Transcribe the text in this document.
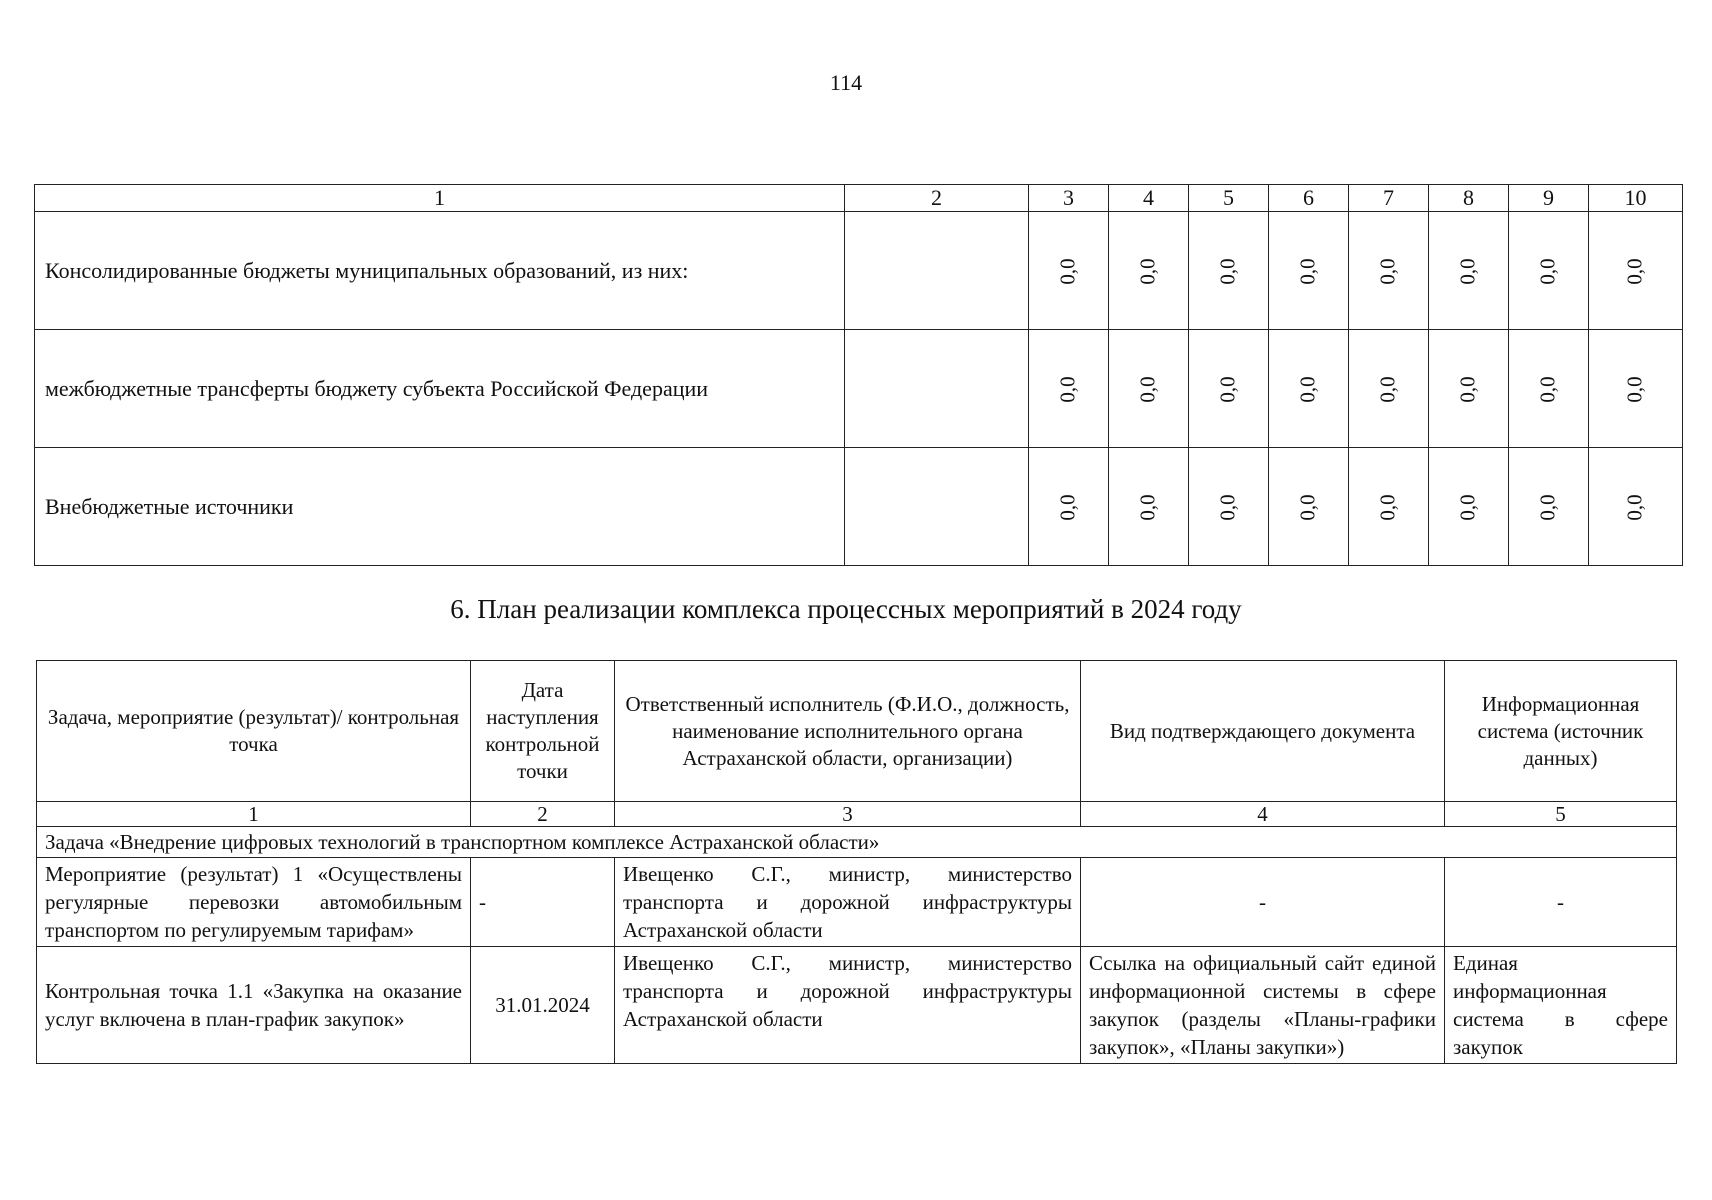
114
1	2	3	4	5	6	7	8	9	10
Консолидированные бюджеты муниципальных образований, из них:		0,0	0,0	0,0	0,0	0,0	0,0	0,0	0,0
межбюджетные трансферты бюджету субъекта Российской Федерации		0,0	0,0	0,0	0,0	0,0	0,0	0,0	0,0
Внебюджетные источники		0,0	0,0	0,0	0,0	0,0	0,0	0,0	0,0
6. План реализации комплекса процессных мероприятий в 2024 году
Задача, мероприятие (результат)/ контрольная точка	Дата наступления контрольной точки	Ответственный исполнитель (Ф.И.О., должность, наименование исполнительного органа Астраханской области, организации)	Вид подтверждающего документа	Информационная система (источник данных)
1	2	3	4	5
Задача «Внедрение цифровых технологий в транспортном комплексе Астраханской области»				
Мероприятие (результат) 1 «Осуществлены регулярные перевозки автомобильным транспортом по регулируемым тарифам»	-	Ивещенко С.Г., министр, министерство транспорта и дорожной инфраструктуры Астраханской области	-	-
Контрольная точка 1.1 «Закупка на оказание услуг включена в план-график закупок»	31.01.2024	Ивещенко С.Г., министр, министерство транспорта и дорожной инфраструктуры Астраханской области	Ссылка на официальный сайт единой информационной системы в сфере закупок (разделы «Планы-графики закупок», «Планы закупки»)	Единая информационная система в сфере закупок
